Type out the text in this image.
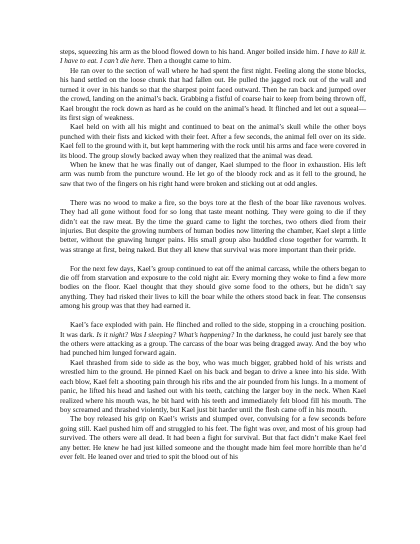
steps, squeezing his arm as the blood flowed down to his hand. Anger boiled inside him. I have to kill it. I have to eat. I can’t die here. Then a thought came to him.

He ran over to the section of wall where he had spent the first night. Feeling along the stone blocks, his hand settled on the loose chunk that had fallen out. He pulled the jagged rock out of the wall and turned it over in his hands so that the sharpest point faced outward. Then he ran back and jumped over the crowd, landing on the animal’s back. Grabbing a fistful of coarse hair to keep from being thrown off, Kael brought the rock down as hard as he could on the animal’s head. It flinched and let out a squeal—its first sign of weakness.

Kael held on with all his might and continued to beat on the animal’s skull while the other boys punched with their fists and kicked with their feet. After a few seconds, the animal fell over on its side. Kael fell to the ground with it, but kept hammering with the rock until his arms and face were covered in its blood. The group slowly backed away when they realized that the animal was dead.

When he knew that he was finally out of danger, Kael slumped to the floor in exhaustion. His left arm was numb from the puncture wound. He let go of the bloody rock and as it fell to the ground, he saw that two of the fingers on his right hand were broken and sticking out at odd angles.

There was no wood to make a fire, so the boys tore at the flesh of the boar like ravenous wolves. They had all gone without food for so long that taste meant nothing. They were going to die if they didn’t eat the raw meat. By the time the guard came to light the torches, two others died from their injuries. But despite the growing numbers of human bodies now littering the chamber, Kael slept a little better, without the gnawing hunger pains. His small group also huddled close together for warmth. It was strange at first, being naked. But they all knew that survival was more important than their pride.

For the next few days, Kael’s group continued to eat off the animal carcass, while the others began to die off from starvation and exposure to the cold night air. Every morning they woke to find a few more bodies on the floor. Kael thought that they should give some food to the others, but he didn’t say anything. They had risked their lives to kill the boar while the others stood back in fear. The consensus among his group was that they had earned it.

Kael’s face exploded with pain. He flinched and rolled to the side, stopping in a crouching position. It was dark. Is it night? Was I sleeping? What’s happening? In the darkness, he could just barely see that the others were attacking as a group. The carcass of the boar was being dragged away. And the boy who had punched him lunged forward again.

Kael thrashed from side to side as the boy, who was much bigger, grabbed hold of his wrists and wrestled him to the ground. He pinned Kael on his back and began to drive a knee into his side. With each blow, Kael felt a shooting pain through his ribs and the air pounded from his lungs. In a moment of panic, he lifted his head and lashed out with his teeth, catching the larger boy in the neck. When Kael realized where his mouth was, he bit hard with his teeth and immediately felt blood fill his mouth. The boy screamed and thrashed violently, but Kael just bit harder until the flesh came off in his mouth.

The boy released his grip on Kael’s wrists and slumped over, convulsing for a few seconds before going still. Kael pushed him off and struggled to his feet. The fight was over, and most of his group had survived. The others were all dead. It had been a fight for survival. But that fact didn’t make Kael feel any better. He knew he had just killed someone and the thought made him feel more horrible than he’d ever felt. He leaned over and tried to spit the blood out of his
